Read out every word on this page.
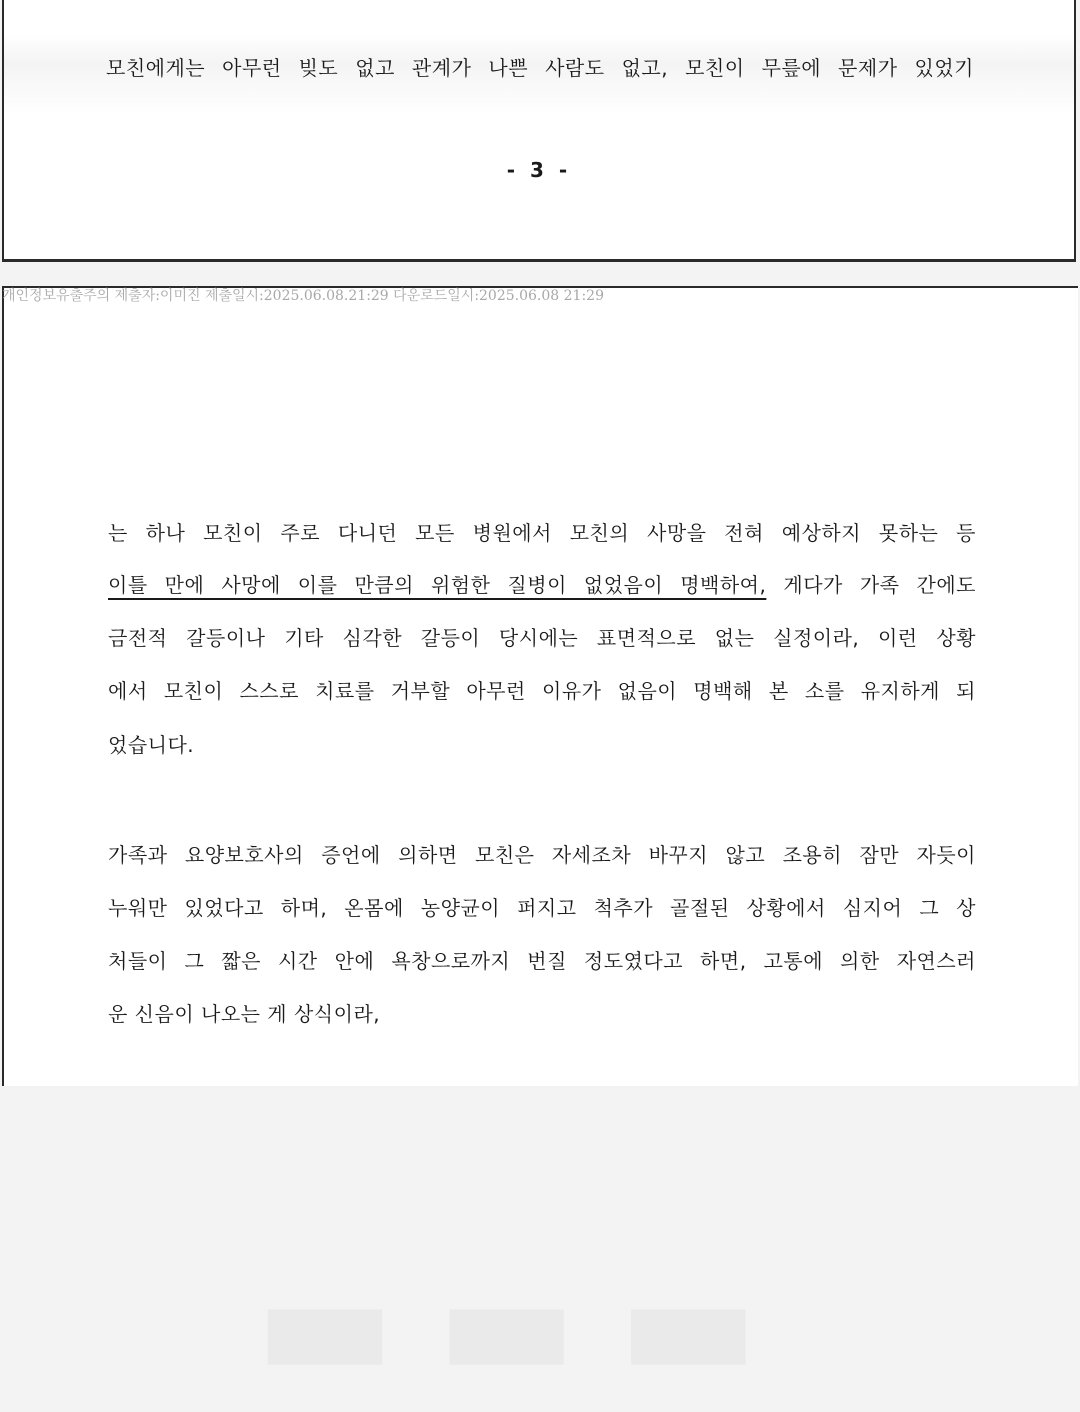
모친에게는 아무런 빚도 없고 관계가 나쁜 사람도 없고, 모친이 무릎에 문제가 있었기
- 3 -
개인정보유출주의 제출자:이미진 제출일시:2025.06.08.21:29 다운로드일시:2025.06.08 21:29
는 하나 모친이 주로 다니던 모든 병원에서 모친의 사망을 전혀 예상하지 못하는 등
이틀 만에 사망에 이를 만큼의 위험한 질병이 없었음이 명백하여, 게다가 가족 간에도
금전적 갈등이나 기타 심각한 갈등이 당시에는 표면적으로 없는 실정이라, 이런 상황
에서 모친이 스스로 치료를 거부할 아무런 이유가 없음이 명백해 본 소를 유지하게 되
었습니다.
가족과 요양보호사의 증언에 의하면 모친은 자세조차 바꾸지 않고 조용히 잠만 자듯이
누워만 있었다고 하며, 온몸에 농양균이 퍼지고 척추가 골절된 상황에서 심지어 그 상
처들이 그 짧은 시간 안에 욕창으로까지 번질 정도였다고 하면, 고통에 의한 자연스러
운 신음이 나오는 게 상식이라,
